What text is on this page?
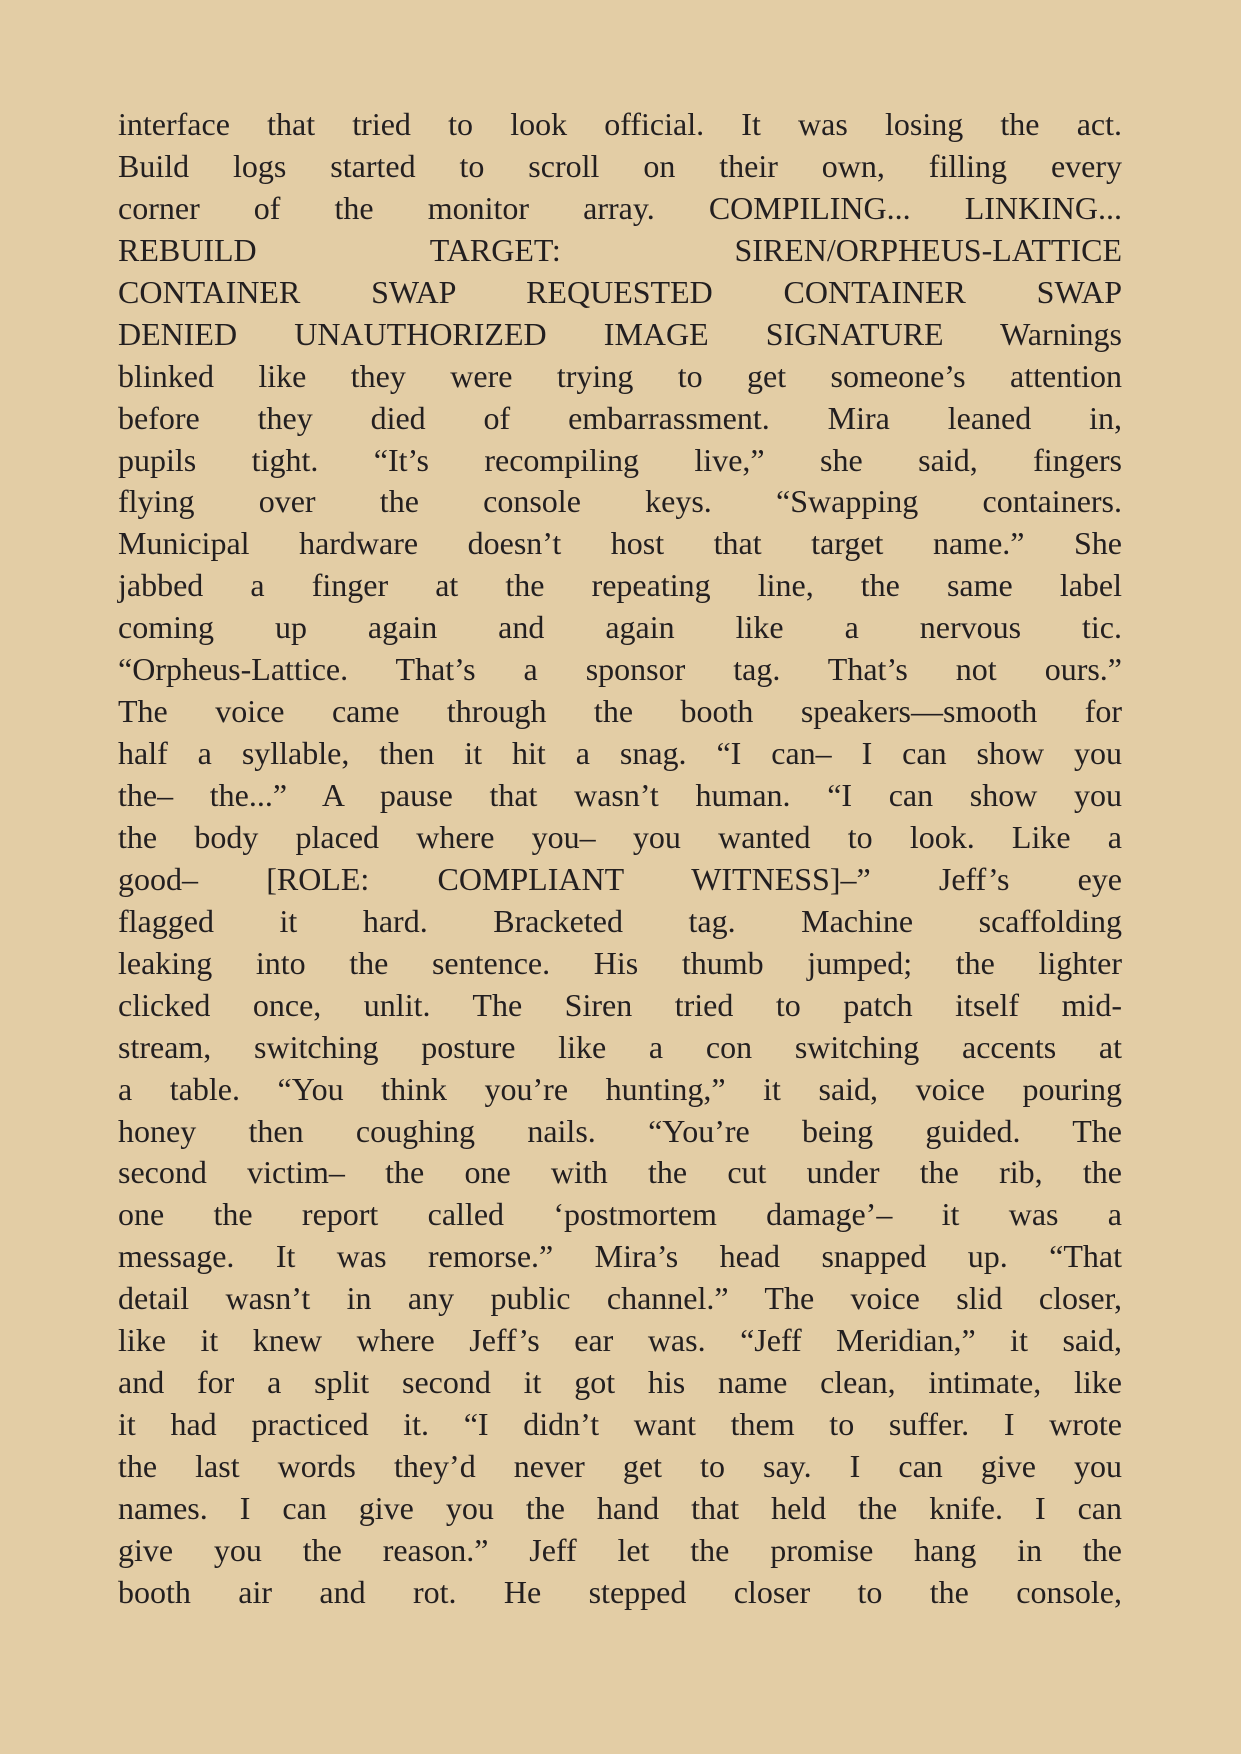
interface that tried to look official. It was losing the act.
Build logs started to scroll on their own, filling every
corner of the monitor array. COMPILING... LINKING...
REBUILD TARGET: SIREN/ORPHEUS-LATTICE
CONTAINER SWAP REQUESTED CONTAINER SWAP
DENIED UNAUTHORIZED IMAGE SIGNATURE Warnings
blinked like they were trying to get someone’s attention
before they died of embarrassment. Mira leaned in,
pupils tight. “It’s recompiling live,” she said, fingers
flying over the console keys. “Swapping containers.
Municipal hardware doesn’t host that target name.” She
jabbed a finger at the repeating line, the same label
coming up again and again like a nervous tic.
“Orpheus-Lattice. That’s a sponsor tag. That’s not ours.”
The voice came through the booth speakers—smooth for
half a syllable, then it hit a snag. “I can– I can show you
the– the...” A pause that wasn’t human. “I can show you
the body placed where you– you wanted to look. Like a
good– [ROLE: COMPLIANT WITNESS]–” Jeff’s eye
flagged it hard. Bracketed tag. Machine scaffolding
leaking into the sentence. His thumb jumped; the lighter
clicked once, unlit. The Siren tried to patch itself mid-
stream, switching posture like a con switching accents at
a table. “You think you’re hunting,” it said, voice pouring
honey then coughing nails. “You’re being guided. The
second victim– the one with the cut under the rib, the
one the report called ‘postmortem damage’– it was a
message. It was remorse.” Mira’s head snapped up. “That
detail wasn’t in any public channel.” The voice slid closer,
like it knew where Jeff’s ear was. “Jeff Meridian,” it said,
and for a split second it got his name clean, intimate, like
it had practiced it. “I didn’t want them to suffer. I wrote
the last words they’d never get to say. I can give you
names. I can give you the hand that held the knife. I can
give you the reason.” Jeff let the promise hang in the
booth air and rot. He stepped closer to the console,
